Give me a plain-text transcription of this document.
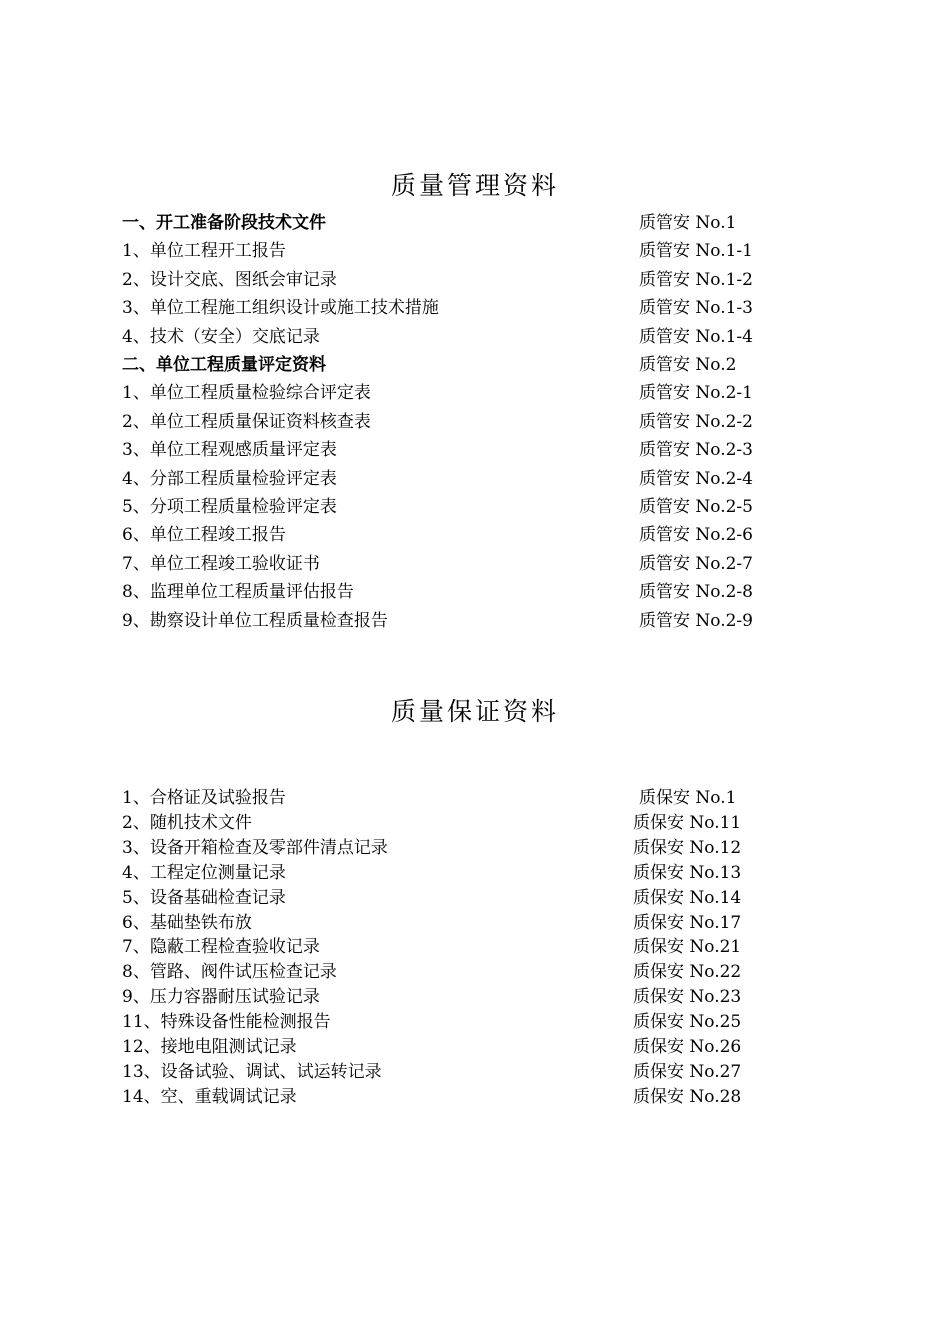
质量管理资料
一、开工准备阶段技术文件	质管安 No.1
1、单位工程开工报告	质管安 No.1-1
2、设计交底、图纸会审记录	质管安 No.1-2
3、单位工程施工组织设计或施工技术措施	质管安 No.1-3
4、技术（安全）交底记录	质管安 No.1-4
二、单位工程质量评定资料	质管安 No.2
1、单位工程质量检验综合评定表	质管安 No.2-1
2、单位工程质量保证资料核查表	质管安 No.2-2
3、单位工程观感质量评定表	质管安 No.2-3
4、分部工程质量检验评定表	质管安 No.2-4
5、分项工程质量检验评定表	质管安 No.2-5
6、单位工程竣工报告	质管安 No.2-6
7、单位工程竣工验收证书	质管安 No.2-7
8、监理单位工程质量评估报告	质管安 No.2-8
9、勘察设计单位工程质量检查报告	质管安 No.2-9
质量保证资料
1、合格证及试验报告	质保安 No.1
2、随机技术文件	质保安 No.11
3、设备开箱检查及零部件清点记录	质保安 No.12
4、工程定位测量记录	质保安 No.13
5、设备基础检查记录	质保安 No.14
6、基础垫铁布放	质保安 No.17
7、隐蔽工程检查验收记录	质保安 No.21
8、管路、阀件试压检查记录	质保安 No.22
9、压力容器耐压试验记录	质保安 No.23
11、特殊设备性能检测报告	质保安 No.25
12、接地电阻测试记录	质保安 No.26
13、设备试验、调试、试运转记录	质保安 No.27
14、空、重载调试记录	质保安 No.28
